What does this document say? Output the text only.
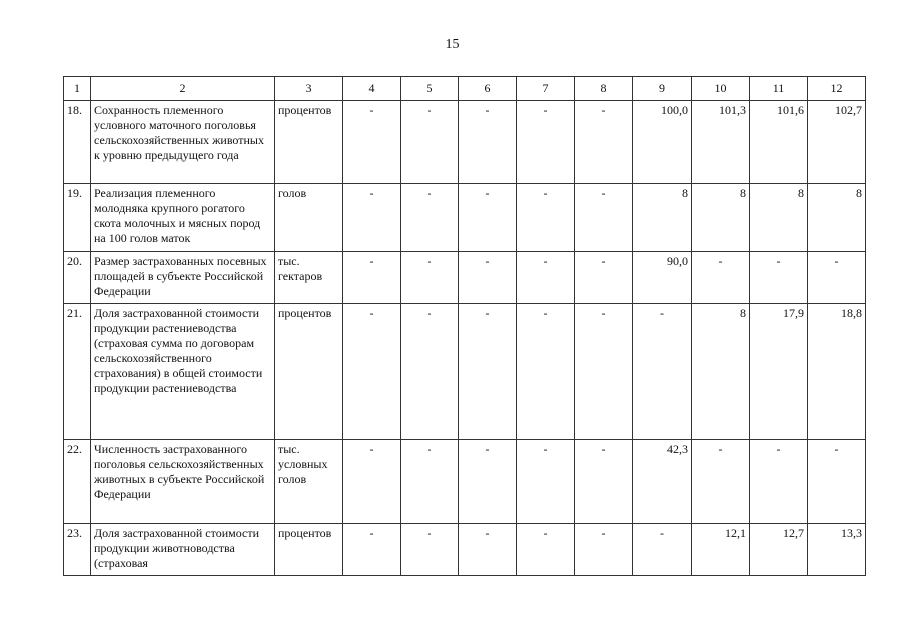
15
1	2	3	4	5	6	7	8	9	10	11	12
18.	Сохранность племенного условного маточного поголовья сельскохозяйственных животных к уровню предыдущего года	процентов	-	-	-	-	-	100,0	101,3	101,6	102,7
19.	Реализация племенного молодняка крупного рогатого скота молочных и мясных пород на 100 голов маток	голов	-	-	-	-	-	8	8	8	8
20.	Размер застрахованных посевных площадей в субъекте Российской Федерации	тыс. гектаров	-	-	-	-	-	90,0	-	-	-
21.	Доля застрахованной стоимости продукции растениеводства (страховая сумма по договорам сельскохозяйственного страхования) в общей стоимости продукции растениеводства	процентов	-	-	-	-	-	-	8	17,9	18,8
22.	Численность застрахованного поголовья сельскохозяйственных животных в субъекте Российской Федерации	тыс. условных голов	-	-	-	-	-	42,3	-	-	-
23.	Доля застрахованной стоимости продукции животноводства (страховая	процентов	-	-	-	-	-	-	12,1	12,7	13,3
